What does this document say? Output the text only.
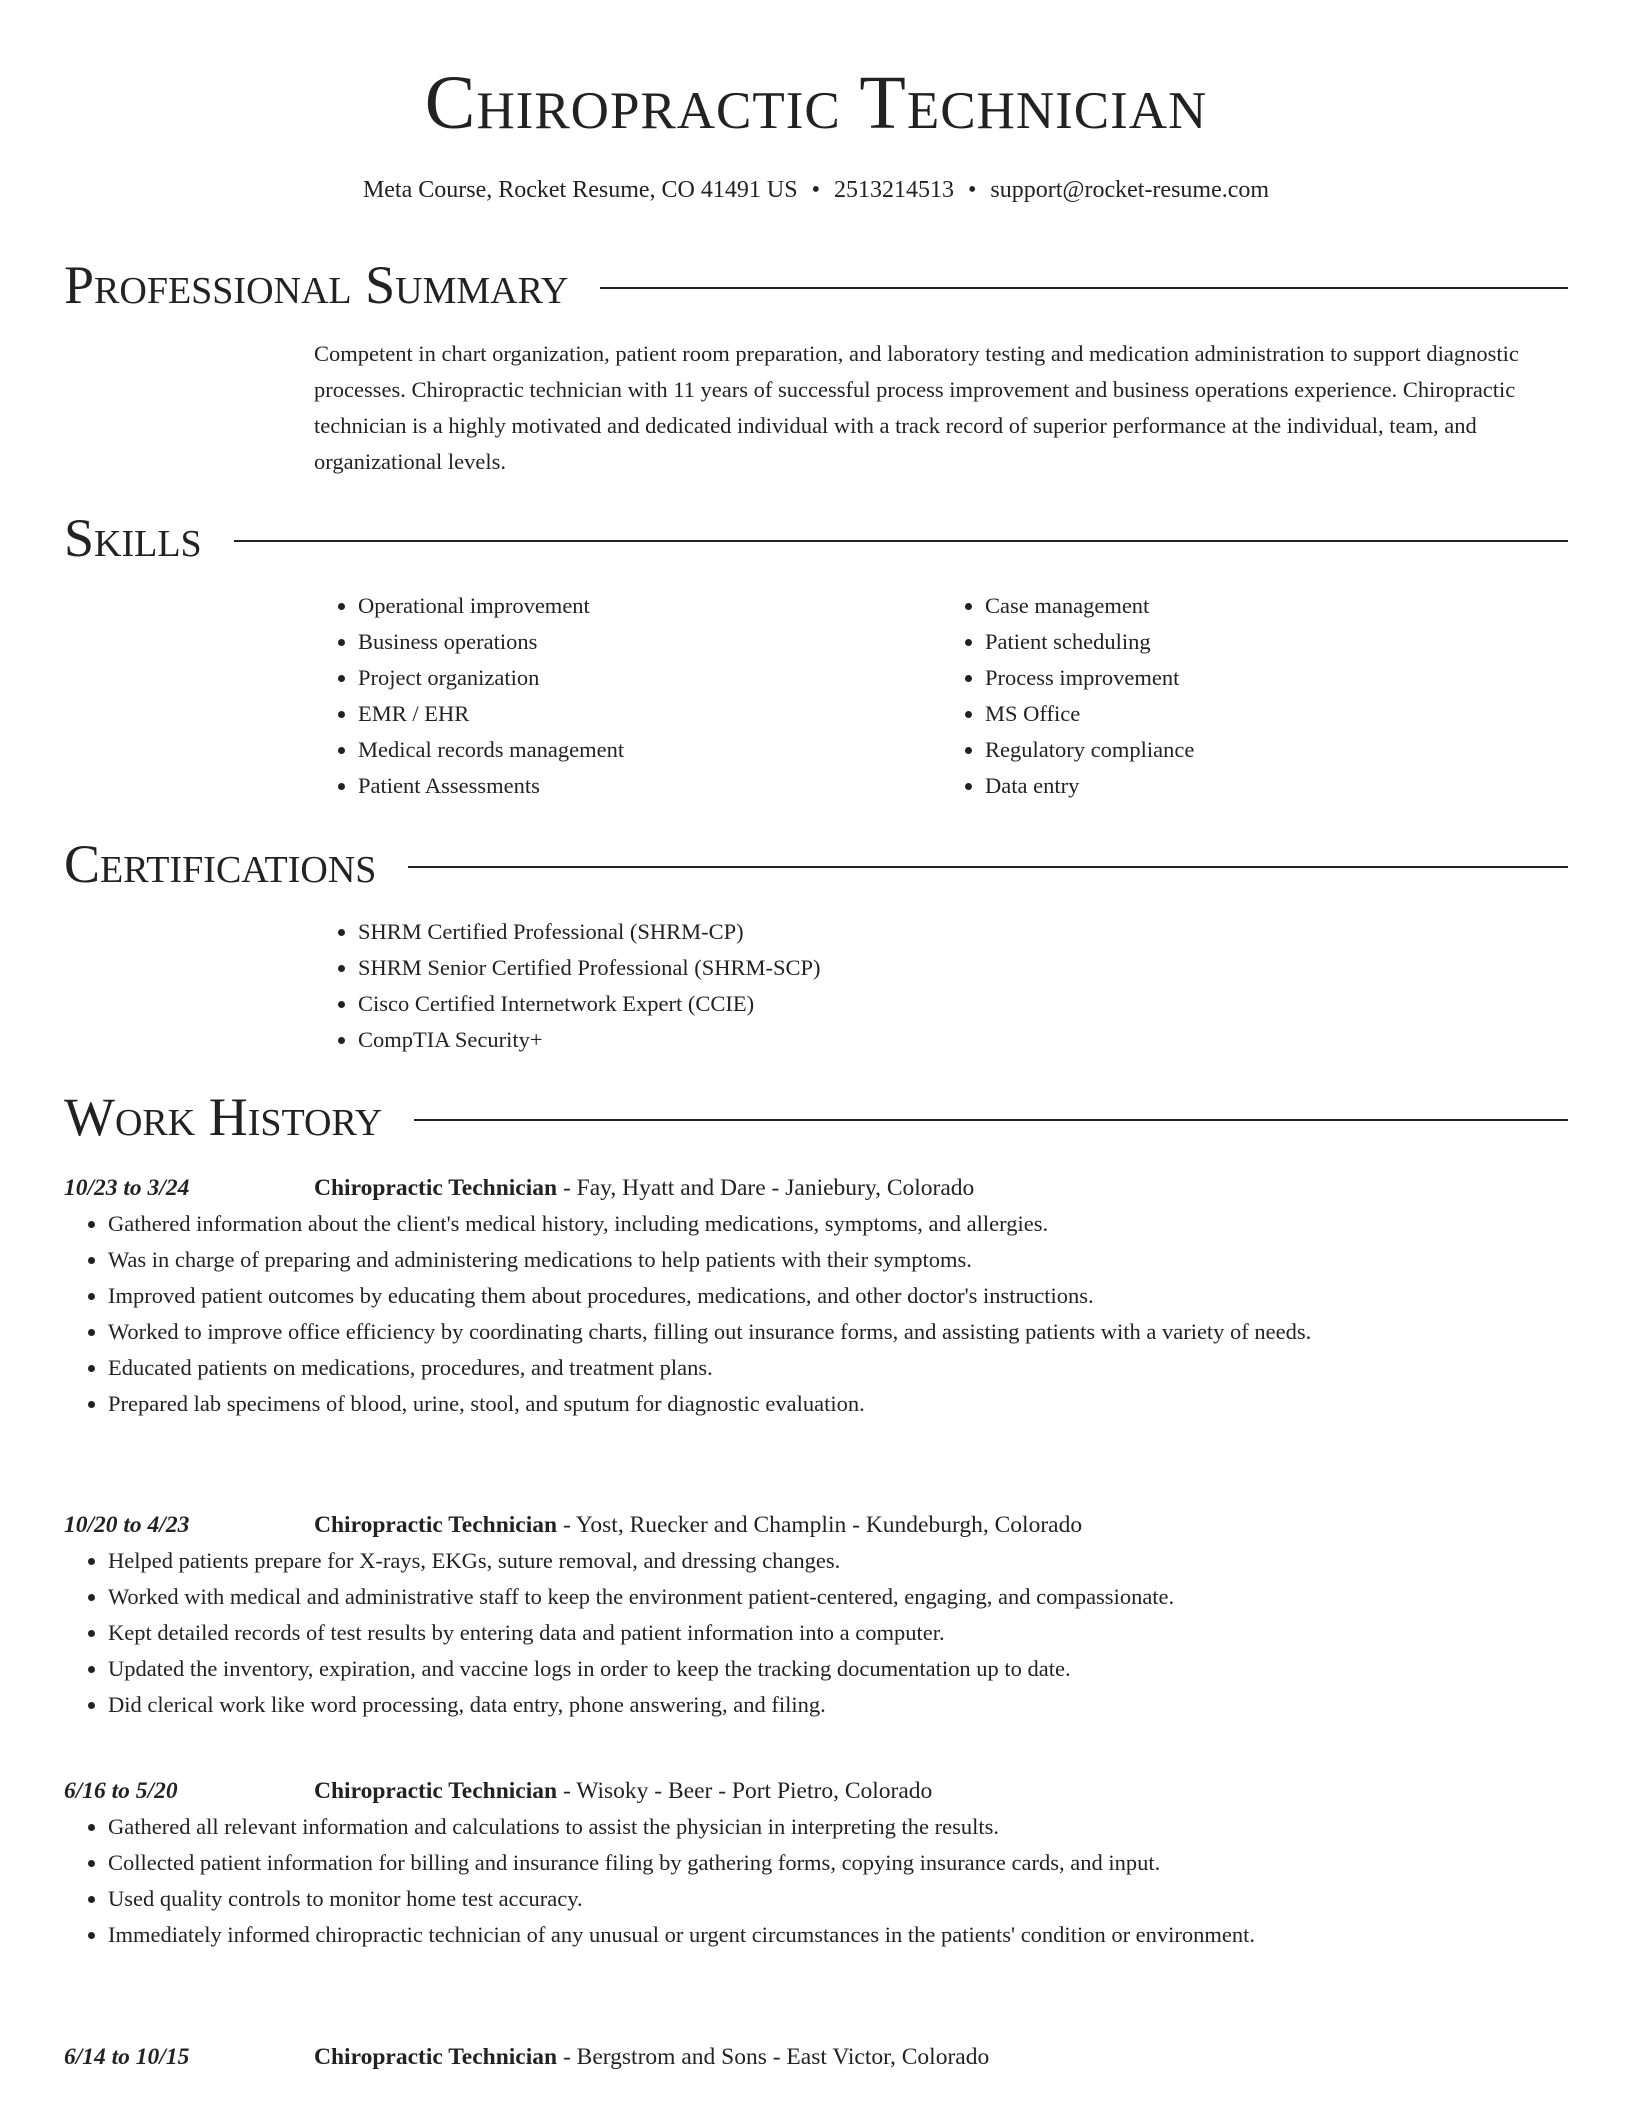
Chiropractic Technician
Meta Course, Rocket Resume, CO 41491 US • 2513214513 • support@rocket-resume.com
Professional Summary

Competent in chart organization, patient room preparation, and laboratory testing and medication administration to support diagnostic processes. Chiropractic technician with 11 years of successful process improvement and business operations experience. Chiropractic technician is a highly motivated and dedicated individual with a track record of superior performance at the individual, team, and organizational levels.

Skills
• Operational improvement
• Business operations
• Project organization
• EMR / EHR
• Medical records management
• Patient Assessments
• Case management
• Patient scheduling
• Process improvement
• MS Office
• Regulatory compliance
• Data entry
Certifications
• SHRM Certified Professional (SHRM-CP)
• SHRM Senior Certified Professional (SHRM-SCP)
• Cisco Certified Internetwork Expert (CCIE)
• CompTIA Security+
Work History
10/23 to 3/24	Chiropractic Technician - Fay, Hyatt and Dare - Janiebury, Colorado
• Gathered information about the client's medical history, including medications, symptoms, and allergies.
• Was in charge of preparing and administering medications to help patients with their symptoms.
• Improved patient outcomes by educating them about procedures, medications, and other doctor's instructions.
• Worked to improve office efficiency by coordinating charts, filling out insurance forms, and assisting patients with a variety of needs.
• Educated patients on medications, procedures, and treatment plans.
• Prepared lab specimens of blood, urine, stool, and sputum for diagnostic evaluation.
10/20 to 4/23	Chiropractic Technician - Yost, Ruecker and Champlin - Kundeburgh, Colorado
• Helped patients prepare for X-rays, EKGs, suture removal, and dressing changes.
• Worked with medical and administrative staff to keep the environment patient-centered, engaging, and compassionate.
• Kept detailed records of test results by entering data and patient information into a computer.
• Updated the inventory, expiration, and vaccine logs in order to keep the tracking documentation up to date.
• Did clerical work like word processing, data entry, phone answering, and filing.
6/16 to 5/20	Chiropractic Technician - Wisoky - Beer - Port Pietro, Colorado
• Gathered all relevant information and calculations to assist the physician in interpreting the results.
• Collected patient information for billing and insurance filing by gathering forms, copying insurance cards, and input.
• Used quality controls to monitor home test accuracy.
• Immediately informed chiropractic technician of any unusual or urgent circumstances in the patients' condition or environment.
6/14 to 10/15	Chiropractic Technician - Bergstrom and Sons - East Victor, Colorado
